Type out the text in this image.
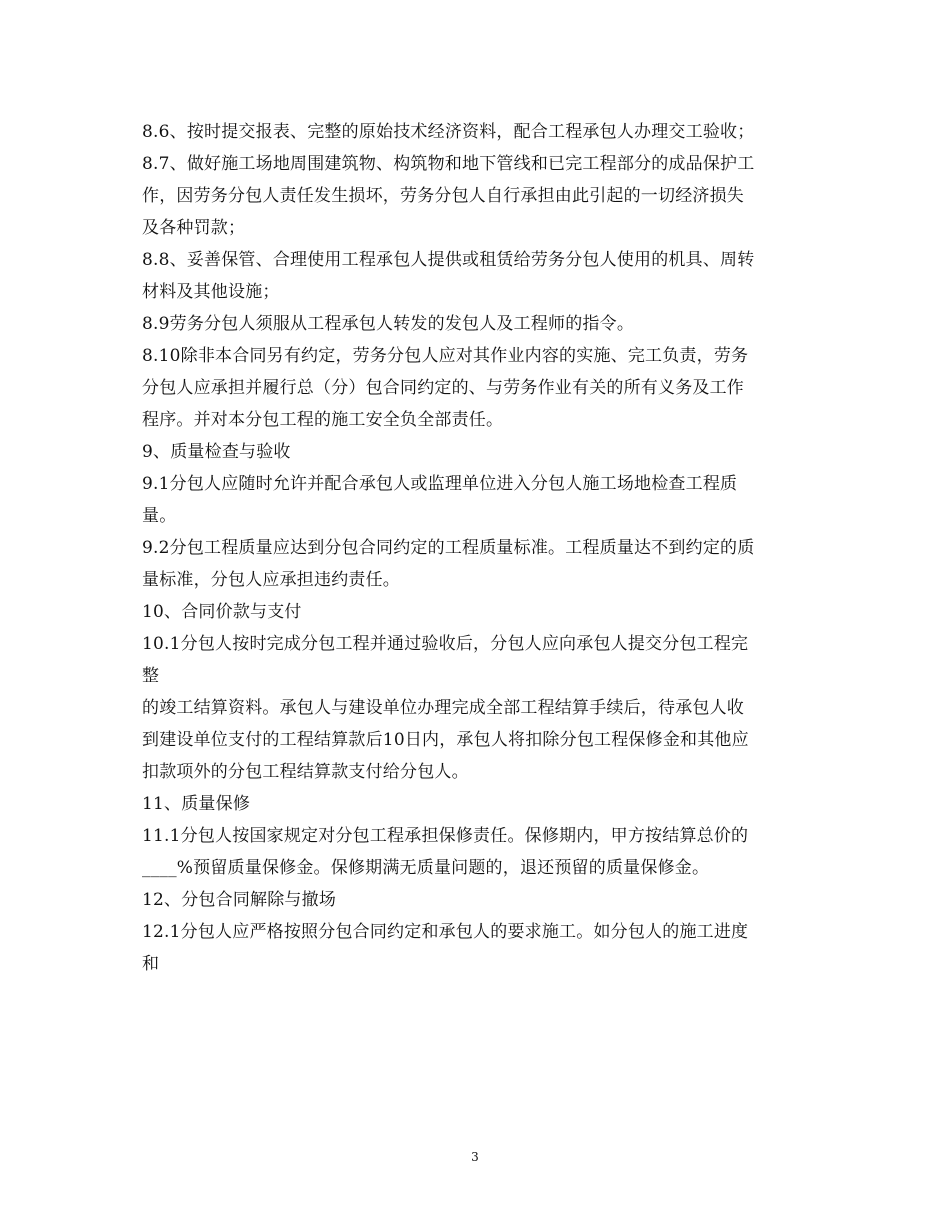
8.6、按时提交报表、完整的原始技术经济资料，配合工程承包人办理交工验收；
8.7、做好施工场地周围建筑物、构筑物和地下管线和已完工程部分的成品保护工
作，因劳务分包人责任发生损坏，劳务分包人自行承担由此引起的一切经济损失
及各种罚款；
8.8、妥善保管、合理使用工程承包人提供或租赁给劳务分包人使用的机具、周转
材料及其他设施；
8.9劳务分包人须服从工程承包人转发的发包人及工程师的指令。
8.10除非本合同另有约定，劳务分包人应对其作业内容的实施、完工负责，劳务
分包人应承担并履行总（分）包合同约定的、与劳务作业有关的所有义务及工作
程序。并对本分包工程的施工安全负全部责任。
9、质量检查与验收
9.1分包人应随时允许并配合承包人或监理单位进入分包人施工场地检查工程质
量。
9.2分包工程质量应达到分包合同约定的工程质量标准。工程质量达不到约定的质
量标准，分包人应承担违约责任。
10、合同价款与支付
10.1分包人按时完成分包工程并通过验收后，分包人应向承包人提交分包工程完
整
的竣工结算资料。承包人与建设单位办理完成全部工程结算手续后，待承包人收
到建设单位支付的工程结算款后10日内，承包人将扣除分包工程保修金和其他应
扣款项外的分包工程结算款支付给分包人。
11、质量保修
11.1分包人按国家规定对分包工程承担保修责任。保修期内，甲方按结算总价的
____%预留质量保修金。保修期满无质量问题的，退还预留的质量保修金。
12、分包合同解除与撤场
12.1分包人应严格按照分包合同约定和承包人的要求施工。如分包人的施工进度
和
3
